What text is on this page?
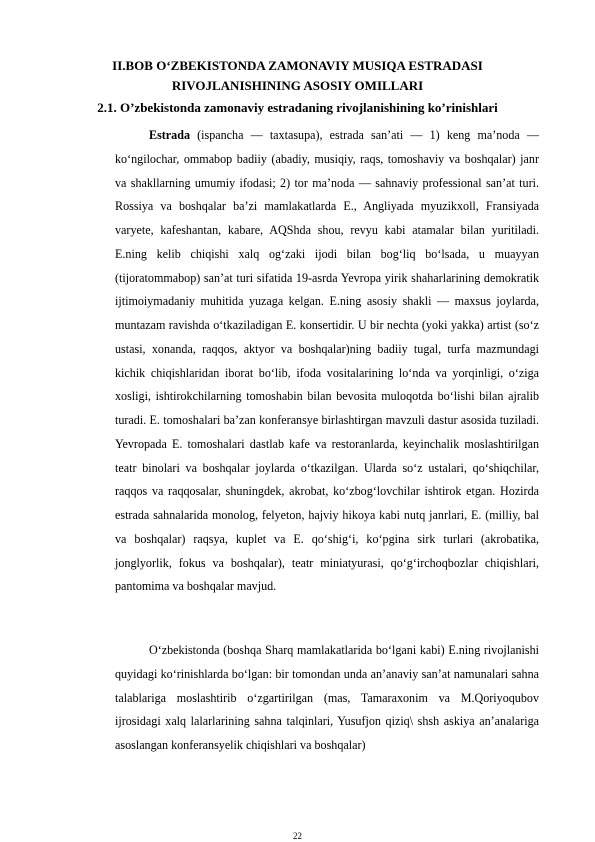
II.BOB O‘ZBEKISTONDA ZAMONAVIY MUSIQA ESTRADASI
RIVOJLANISHINING ASOSIY OMILLARI
2.1. O’zbekistonda zamonaviy estradaning rivojlanishining ko’rinishlari

Estrada (ispancha — taxtasupa), estrada san’ati — 1) keng ma’noda — ko‘ngilochar, ommabop badiiy (abadiy, musiqiy, raqs, tomoshaviy va boshqalar) janr va shakllarning umumiy ifodasi; 2) tor ma’noda — sahnaviy professional san’at turi. Rossiya va boshqalar ba’zi mamlakatlarda E., Angliyada myuzikxoll, Fransiyada varyete, kafeshantan, kabare, AQShda shou, revyu kabi atamalar bilan yuritiladi. E.ning kelib chiqishi xalq og‘zaki ijodi bilan bog‘liq bo‘lsada, u muayyan (tijoratommabop) san’at turi sifatida 19-asrda Yevropa yirik shaharlarining demokratik ijtimoiymadaniy muhitida yuzaga kelgan. E.ning asosiy shakli — maxsus joylarda, muntazam ravishda o‘tkaziladigan E. konsertidir. U bir nechta (yoki yakka) artist (so‘z ustasi, xonanda, raqqos, aktyor va boshqalar)ning badiiy tugal, turfa mazmundagi kichik chiqishlaridan iborat bo‘lib, ifoda vositalarining lo‘nda va yorqinligi, o‘ziga xosligi, ishtirokchilarning tomoshabin bilan bevosita muloqotda bo‘lishi bilan ajralib turadi. E. tomoshalari ba’zan konferansye birlashtirgan mavzuli dastur asosida tuziladi. Yevropada E. tomoshalari dastlab kafe va restoranlarda, keyinchalik moslashtirilgan teatr binolari va boshqalar joylarda o‘tkazilgan. Ularda so‘z ustalari, qo‘shiqchilar, raqqos va raqqosalar, shuningdek, akrobat, ko‘zbog‘lovchilar ishtirok etgan. Hozirda estrada sahnalarida monolog, felyeton, hajviy hikoya kabi nutq janrlari, E. (milliy, bal va boshqalar) raqsya, kuplet va E. qo‘shig‘i, ko‘pgina sirk turlari (akrobatika, jonglyorlik, fokus va boshqalar), teatr miniatyurasi, qo‘g‘irchoqbozlar chiqishlari, pantomima va boshqalar mavjud.

O‘zbekistonda (boshqa Sharq mamlakatlarida bo‘lgani kabi) E.ning rivojlanishi quyidagi ko‘rinishlarda bo‘lgan: bir tomondan unda an’anaviy san’at namunalari sahna talablariga moslashtirib o‘zgartirilgan (mas, Tamaraxonim va M.Qoriyoqubov ijrosidagi xalq lalarlarining sahna talqinlari, Yusufjon qiziq\ shsh askiya an’analariga asoslangan konferansyelik chiqishlari va boshqalar)

22
